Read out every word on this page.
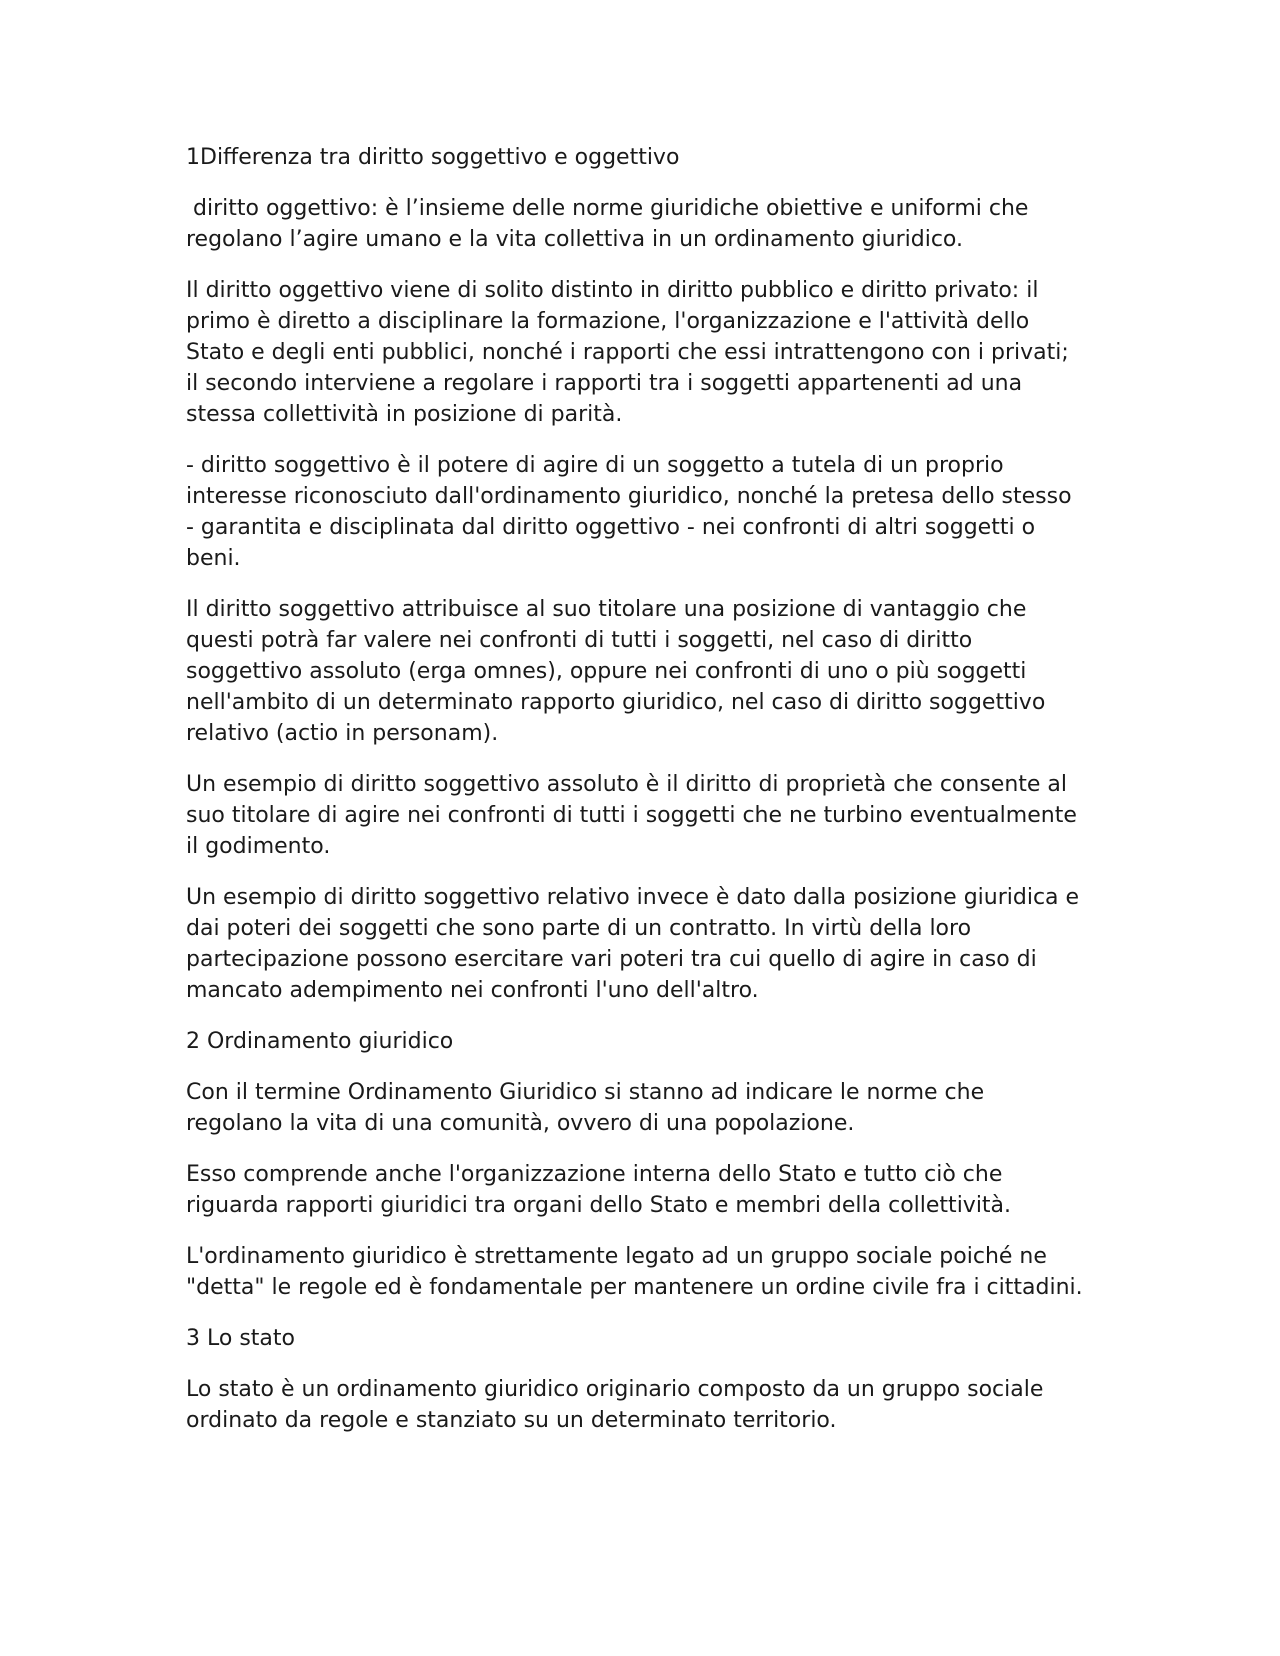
1Differenza tra diritto soggettivo e oggettivo

diritto oggettivo: è l’insieme delle norme giuridiche obiettive e uniformi che regolano l’agire umano e la vita collettiva in un ordinamento giuridico.

Il diritto oggettivo viene di solito distinto in diritto pubblico e diritto privato: il primo è diretto a disciplinare la formazione, l'organizzazione e l'attività dello Stato e degli enti pubblici, nonché i rapporti che essi intrattengono con i privati; il secondo interviene a regolare i rapporti tra i soggetti appartenenti ad una stessa collettività in posizione di parità.

- diritto soggettivo è il potere di agire di un soggetto a tutela di un proprio interesse riconosciuto dall'ordinamento giuridico, nonché la pretesa dello stesso - garantita e disciplinata dal diritto oggettivo - nei confronti di altri soggetti o beni.

Il diritto soggettivo attribuisce al suo titolare una posizione di vantaggio che questi potrà far valere nei confronti di tutti i soggetti, nel caso di diritto soggettivo assoluto (erga omnes), oppure nei confronti di uno o più soggetti nell'ambito di un determinato rapporto giuridico, nel caso di diritto soggettivo relativo (actio in personam).

Un esempio di diritto soggettivo assoluto è il diritto di proprietà che consente al suo titolare di agire nei confronti di tutti i soggetti che ne turbino eventualmente il godimento.

Un esempio di diritto soggettivo relativo invece è dato dalla posizione giuridica e dai poteri dei soggetti che sono parte di un contratto. In virtù della loro partecipazione possono esercitare vari poteri tra cui quello di agire in caso di mancato adempimento nei confronti l'uno dell'altro.

2 Ordinamento giuridico

Con il termine Ordinamento Giuridico si stanno ad indicare le norme che regolano la vita di una comunità, ovvero di una popolazione.

Esso comprende anche l'organizzazione interna dello Stato e tutto ciò che riguarda rapporti giuridici tra organi dello Stato e membri della collettività.

L'ordinamento giuridico è strettamente legato ad un gruppo sociale poiché ne "detta" le regole ed è fondamentale per mantenere un ordine civile fra i cittadini.

3 Lo stato

Lo stato è un ordinamento giuridico originario composto da un gruppo sociale ordinato da regole e stanziato su un determinato territorio.
